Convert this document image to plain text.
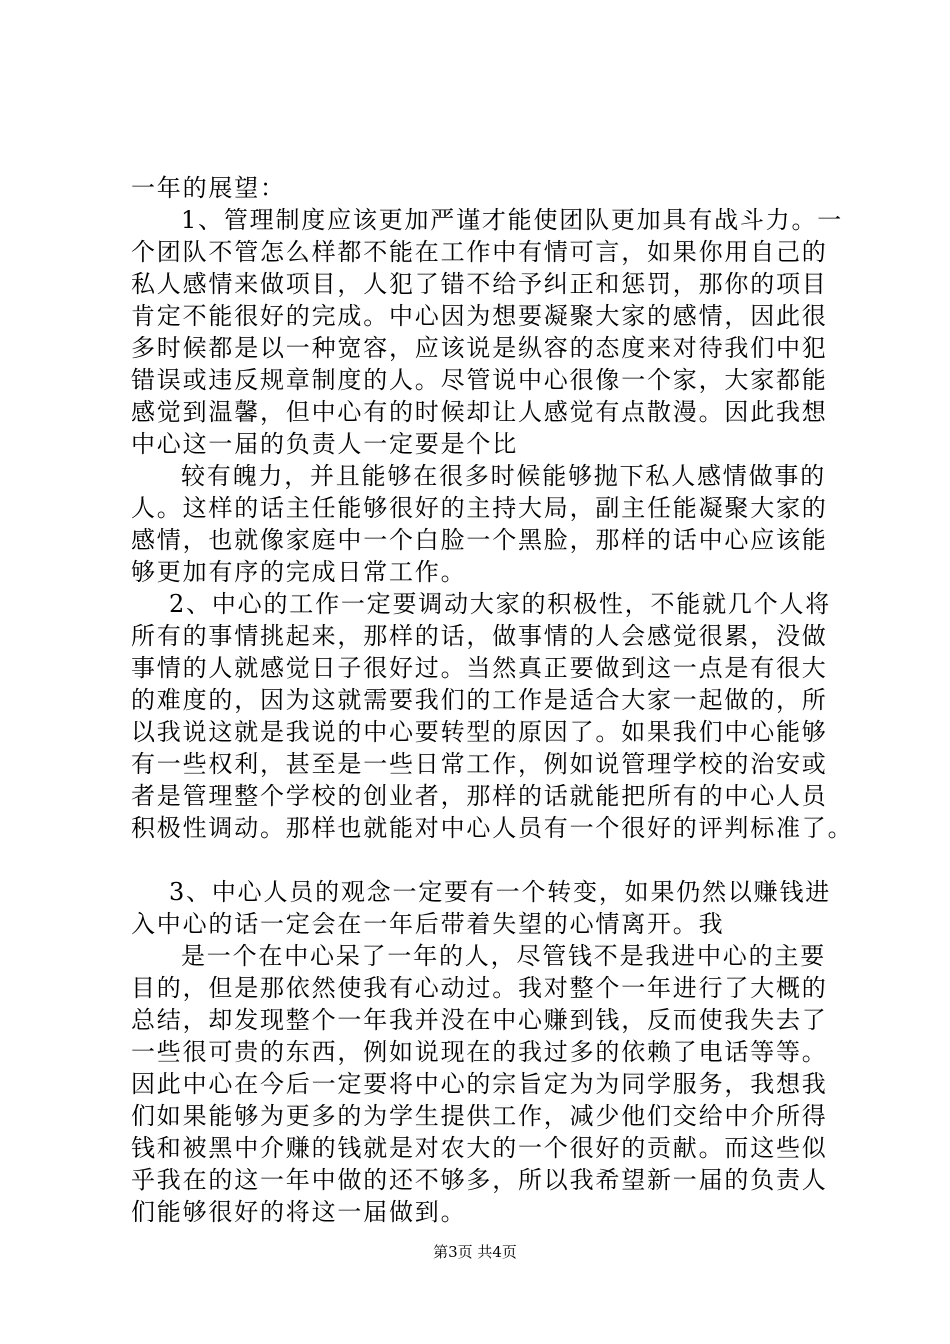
一年的展望：
1、管理制度应该更加严谨才能使团队更加具有战斗力。一
个团队不管怎么样都不能在工作中有情可言，如果你用自己的
私人感情来做项目，人犯了错不给予纠正和惩罚，那你的项目
肯定不能很好的完成。中心因为想要凝聚大家的感情，因此很
多时候都是以一种宽容，应该说是纵容的态度来对待我们中犯
错误或违反规章制度的人。尽管说中心很像一个家，大家都能
感觉到温馨，但中心有的时候却让人感觉有点散漫。因此我想
中心这一届的负责人一定要是个比
较有魄力，并且能够在很多时候能够抛下私人感情做事的
人。这样的话主任能够很好的主持大局，副主任能凝聚大家的
感情，也就像家庭中一个白脸一个黑脸，那样的话中心应该能
够更加有序的完成日常工作。
2、中心的工作一定要调动大家的积极性，不能就几个人将
所有的事情挑起来，那样的话，做事情的人会感觉很累，没做
事情的人就感觉日子很好过。当然真正要做到这一点是有很大
的难度的，因为这就需要我们的工作是适合大家一起做的，所
以我说这就是我说的中心要转型的原因了。如果我们中心能够
有一些权利，甚至是一些日常工作，例如说管理学校的治安或
者是管理整个学校的创业者，那样的话就能把所有的中心人员
积极性调动。那样也就能对中心人员有一个很好的评判标准了。
3、中心人员的观念一定要有一个转变，如果仍然以赚钱进
入中心的话一定会在一年后带着失望的心情离开。我
是一个在中心呆了一年的人，尽管钱不是我进中心的主要
目的，但是那依然使我有心动过。我对整个一年进行了大概的
总结，却发现整个一年我并没在中心赚到钱，反而使我失去了
一些很可贵的东西，例如说现在的我过多的依赖了电话等等。
因此中心在今后一定要将中心的宗旨定为为同学服务，我想我
们如果能够为更多的为学生提供工作，减少他们交给中介所得
钱和被黑中介赚的钱就是对农大的一个很好的贡献。而这些似
乎我在的这一年中做的还不够多，所以我希望新一届的负责人
们能够很好的将这一届做到。
第3页 共4页
